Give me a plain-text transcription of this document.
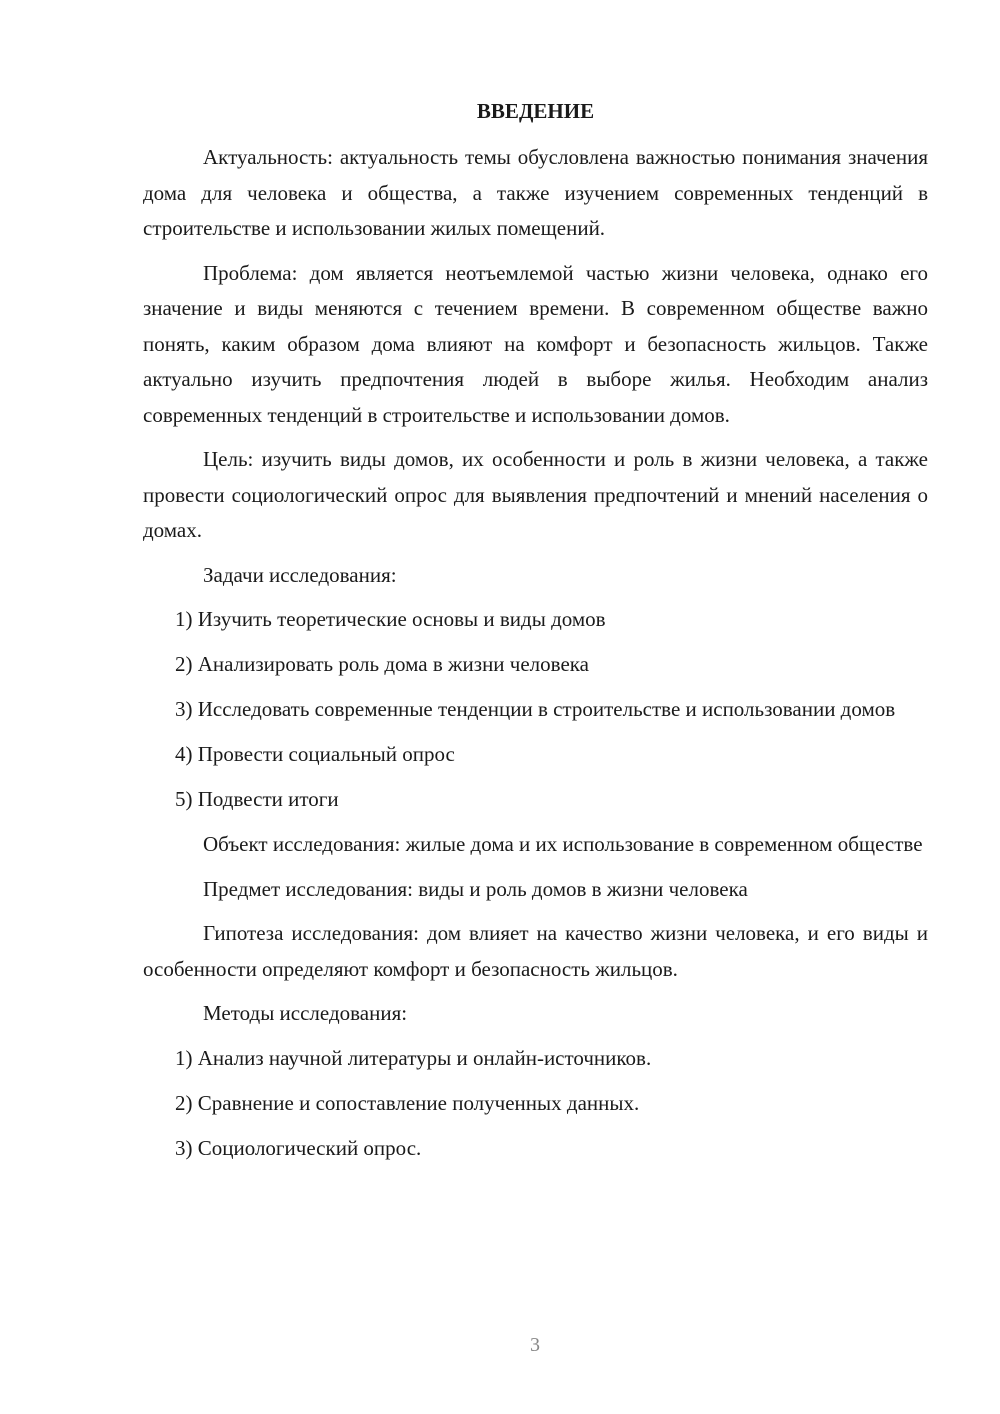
ВВЕДЕНИЕ

Актуальность: актуальность темы обусловлена важностью понимания значения дома для человека и общества, а также изучением современных тенденций в строительстве и использовании жилых помещений.

Проблема: дом является неотъемлемой частью жизни человека, однако его значение и виды меняются с течением времени. В современном обществе важно понять, каким образом дома влияют на комфорт и безопасность жильцов. Также актуально изучить предпочтения людей в выборе жилья. Необходим анализ современных тенденций в строительстве и использовании домов.

Цель: изучить виды домов, их особенности и роль в жизни человека, а также провести социологический опрос для выявления предпочтений и мнений населения о домах.

Задачи исследования:

1) Изучить теоретические основы и виды домов

2) Анализировать роль дома в жизни человека

3) Исследовать современные тенденции в строительстве и использовании домов

4) Провести социальный опрос

5) Подвести итоги

Объект исследования: жилые дома и их использование в современном обществе

Предмет исследования: виды и роль домов в жизни человека

Гипотеза исследования: дом влияет на качество жизни человека, и его виды и особенности определяют комфорт и безопасность жильцов.

Методы исследования:

1) Анализ научной литературы и онлайн-источников.

2) Сравнение и сопоставление полученных данных.

3) Социологический опрос.

3
